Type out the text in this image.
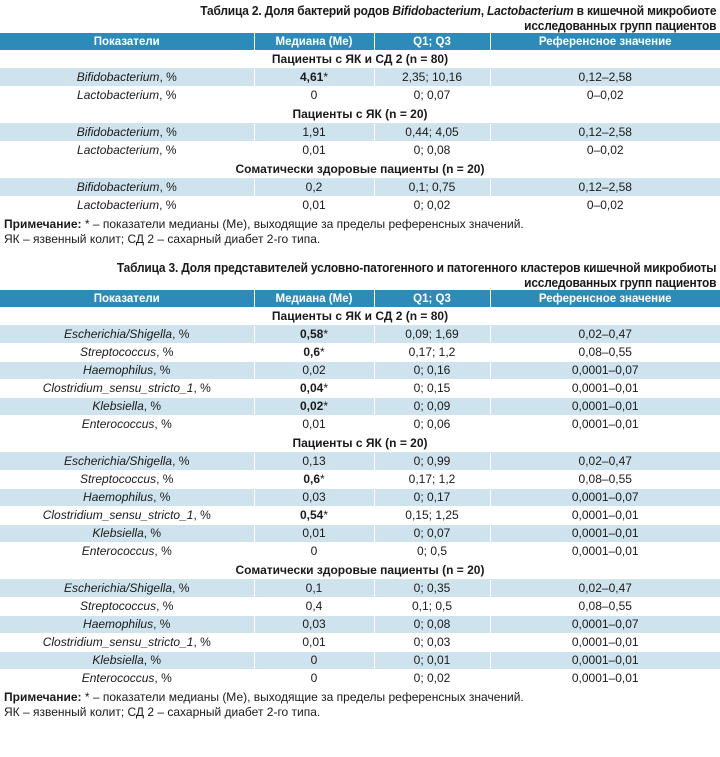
Таблица 2. Доля бактерий родов Bifidobacterium, Lactobacterium в кишечной микробиоте
исследованных групп пациентов
Показатели	Медиана (Ме)	Q1; Q3	Референсное значение
Пациенты с ЯК и СД 2 (n = 80)			
Bifidobacterium, %	4,61*	2,35; 10,16	0,12–2,58
Lactobacterium, %	0	0; 0,07	0–0,02
Пациенты с ЯК (n = 20)			
Bifidobacterium, %	1,91	0,44; 4,05	0,12–2,58
Lactobacterium, %	0,01	0; 0,08	0–0,02
Соматически здоровые пациенты (n = 20)			
Bifidobacterium, %	0,2	0,1; 0,75	0,12–2,58
Lactobacterium, %	0,01	0; 0,02	0–0,02
Примечание: * – показатели медианы (Ме), выходящие за пределы референсных значений.
ЯК – язвенный колит; СД 2 – сахарный диабет 2-го типа.
Таблица 3. Доля представителей условно-патогенного и патогенного кластеров кишечной микробиоты
исследованных групп пациентов
Показатели	Медиана (Ме)	Q1; Q3	Референсное значение
Пациенты с ЯК и СД 2 (n = 80)			
Escherichia/Shigella, %	0,58*	0,09; 1,69	0,02–0,47
Streptococcus, %	0,6*	0,17; 1,2	0,08–0,55
Haemophilus, %	0,02	0; 0,16	0,0001–0,07
Clostridium_sensu_stricto_1, %	0,04*	0; 0,15	0,0001–0,01
Klebsiella, %	0,02*	0; 0,09	0,0001–0,01
Enterococcus, %	0,01	0; 0,06	0,0001–0,01
Пациенты с ЯК (n = 20)			
Escherichia/Shigella, %	0,13	0; 0,99	0,02–0,47
Streptococcus, %	0,6*	0,17; 1,2	0,08–0,55
Haemophilus, %	0,03	0; 0,17	0,0001–0,07
Clostridium_sensu_stricto_1, %	0,54*	0,15; 1,25	0,0001–0,01
Klebsiella, %	0,01	0; 0,07	0,0001–0,01
Enterococcus, %	0	0; 0,5	0,0001–0,01
Соматически здоровые пациенты (n = 20)			
Escherichia/Shigella, %	0,1	0; 0,35	0,02–0,47
Streptococcus, %	0,4	0,1; 0,5	0,08–0,55
Haemophilus, %	0,03	0; 0,08	0,0001–0,07
Clostridium_sensu_stricto_1, %	0,01	0; 0,03	0,0001–0,01
Klebsiella, %	0	0; 0,01	0,0001–0,01
Enterococcus, %	0	0; 0,02	0,0001–0,01
Примечание: * – показатели медианы (Ме), выходящие за пределы референсных значений.
ЯК – язвенный колит; СД 2 – сахарный диабет 2-го типа.
